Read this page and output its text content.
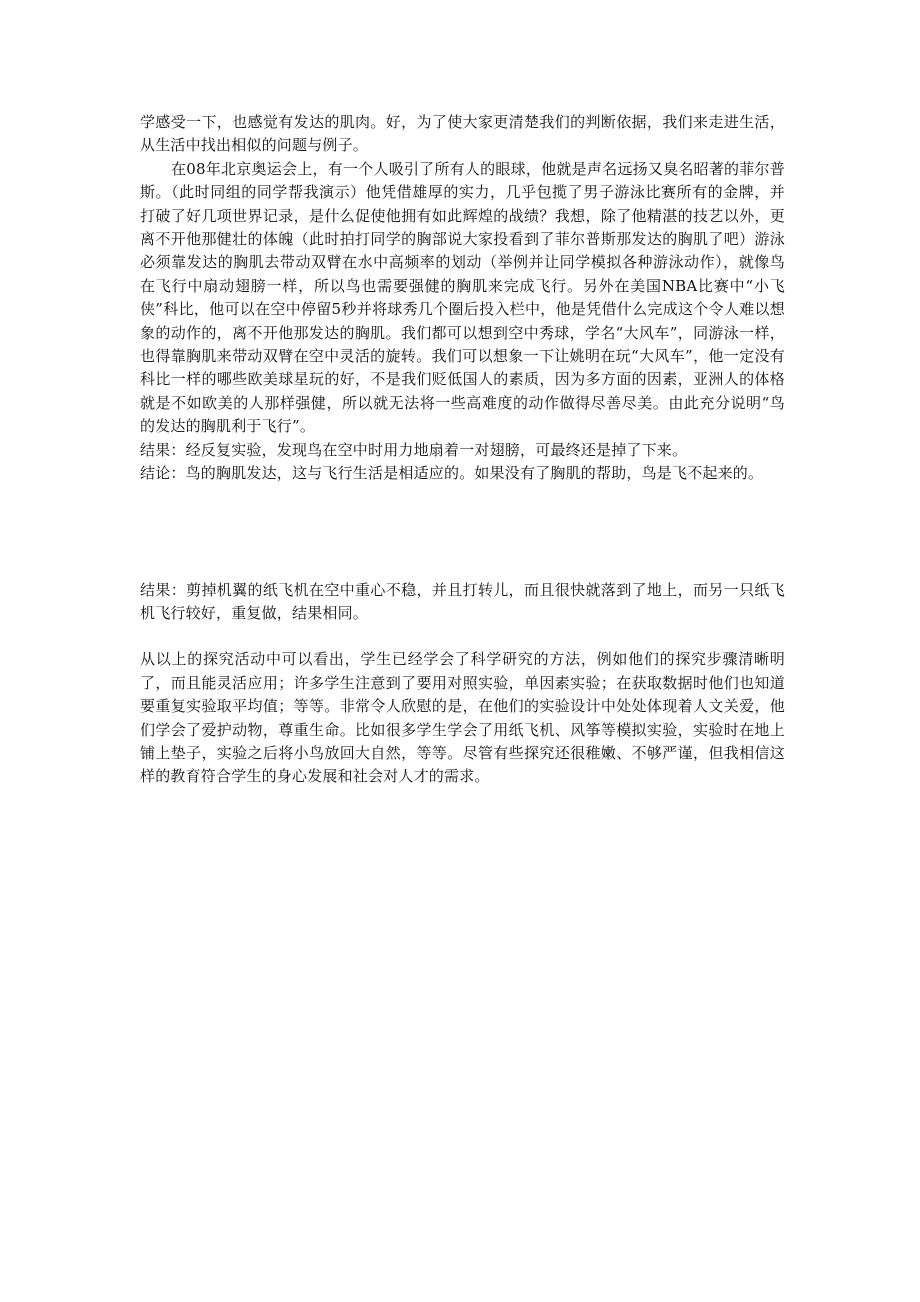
学感受一下，也感觉有发达的肌肉。好，为了使大家更清楚我们的判断依据，我们来走进生活，从生活中找出相似的问题与例子。

在08年北京奥运会上，有一个人吸引了所有人的眼球，他就是声名远扬又臭名昭著的菲尔普斯。（此时同组的同学帮我演示）他凭借雄厚的实力，几乎包揽了男子游泳比赛所有的金牌，并打破了好几项世界记录，是什么促使他拥有如此辉煌的战绩？我想，除了他精湛的技艺以外，更离不开他那健壮的体魄（此时拍打同学的胸部说大家投看到了菲尔普斯那发达的胸肌了吧）游泳必须靠发达的胸肌去带动双臂在水中高频率的划动（举例并让同学模拟各种游泳动作），就像鸟在飞行中扇动翅膀一样，所以鸟也需要强健的胸肌来完成飞行。另外在美国NBA比赛中“小飞侠”科比，他可以在空中停留5秒并将球秀几个圈后投入栏中，他是凭借什么完成这个令人难以想象的动作的，离不开他那发达的胸肌。我们都可以想到空中秀球，学名“大风车”，同游泳一样，也得靠胸肌来带动双臂在空中灵活的旋转。我们可以想象一下让姚明在玩“大风车”，他一定没有科比一样的哪些欧美球星玩的好，不是我们贬低国人的素质，因为多方面的因素，亚洲人的体格就是不如欧美的人那样强健，所以就无法将一些高难度的动作做得尽善尽美。由此充分说明“鸟的发达的胸肌利于飞行”。

结果：经反复实验，发现鸟在空中时用力地扇着一对翅膀，可最终还是掉了下来。

结论：鸟的胸肌发达，这与飞行生活是相适应的。如果没有了胸肌的帮助，鸟是飞不起来的。

结果：剪掉机翼的纸飞机在空中重心不稳，并且打转儿，而且很快就落到了地上，而另一只纸飞机飞行较好，重复做，结果相同。

从以上的探究活动中可以看出，学生已经学会了科学研究的方法，例如他们的探究步骤清晰明了，而且能灵活应用；许多学生注意到了要用对照实验，单因素实验；在获取数据时他们也知道要重复实验取平均值；等等。非常令人欣慰的是，在他们的实验设计中处处体现着人文关爱，他们学会了爱护动物，尊重生命。比如很多学生学会了用纸飞机、风筝等模拟实验，实验时在地上铺上垫子，实验之后将小鸟放回大自然，等等。尽管有些探究还很稚嫩、不够严谨，但我相信这样的教育符合学生的身心发展和社会对人才的需求。
